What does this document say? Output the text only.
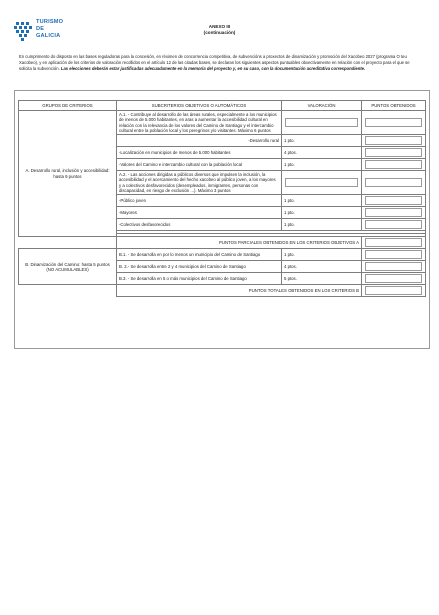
TURISMO
DE
GALICIA
ANEXO III
(continuación)
En cumprimento do disposto en las bases reguladoras para la concesión, en réximen de concorrencia competitiva, de subvencións a proxectos de dinamización y promoción del Xacobeo 2027 (programa O teu Xacobeo), y en aplicación de los criterios de valoración recollidos en el artículo 12 de las citadas bases, se declaran los siguientes aspectos puntuables obxectivamente en relación con el proyecto para el que se solicita la subvención. Las elecciones deberán estar justificadas adecuadamente en la memoria del proyecto y, en su caso, con la documentación acreditativa correspondiente.
GRUPOS DE CRITERIOS	SUBCRITERIOS OBJETIVOS O AUTOMÁTICOS	VALORACIÓN	PUNTOS OBTENIDOS
A. Desarrollo rural, inclusión y accesibilidad: hasta 9 puntos	A.1. - Contribuye al desarrollo de las áreas rurales, especialmente a los municipios de menos de 5.000 habitantes, en aras a aumentar la accesibilidad cultural en relación con la relevancia de los valores del Camino de Santiago y el intercambio cultural entre la población local y los peregrinos y/o visitantes. Máximo 6 puntos	

	-Desarrollo rural	1 pto.	

	-Localización en municipios de menos de 5.000 habitantes	4 ptos.	

	-Valores del Camino e intercambio cultural con la población local	1 pto.	

	A.2. - Las acciones dirigidas a públicos diversos que impulsen la inclusión, la accesibilidad y el acercamiento del hecho xacobeo al público joven, a los mayores y a colectivos desfavorecidos (desempleados, inmigrantes, personas con discapacidad, en riesgo de exclusión ...). Máximo 3 puntos	

	-Público joven	1 pto.	

	-Mayores	1 pto.	

	-Colectivos desfavorecidos	1 pto.	

	PUNTOS PARCIALES OBTENIDOS EN LOS CRITERIOS OBJETIVOS A		

B. Dinamización del Camino: hasta 5 puntos (NO ACUMULABLES)	B.1. - Se desarrolla en por lo menos un municipio del Camino de Santiago	1 pto.	

	B. 2.- Se desarrolla entre 2 y 4 municipios del Camino de Santiago	4 ptos.	

	B.3. - Se desarrolla en 5 o más municipios del Camino de Santiago	5 ptos.	

	PUNTOS TOTALES OBTENIDOS EN LOS CRITERIOS B		
